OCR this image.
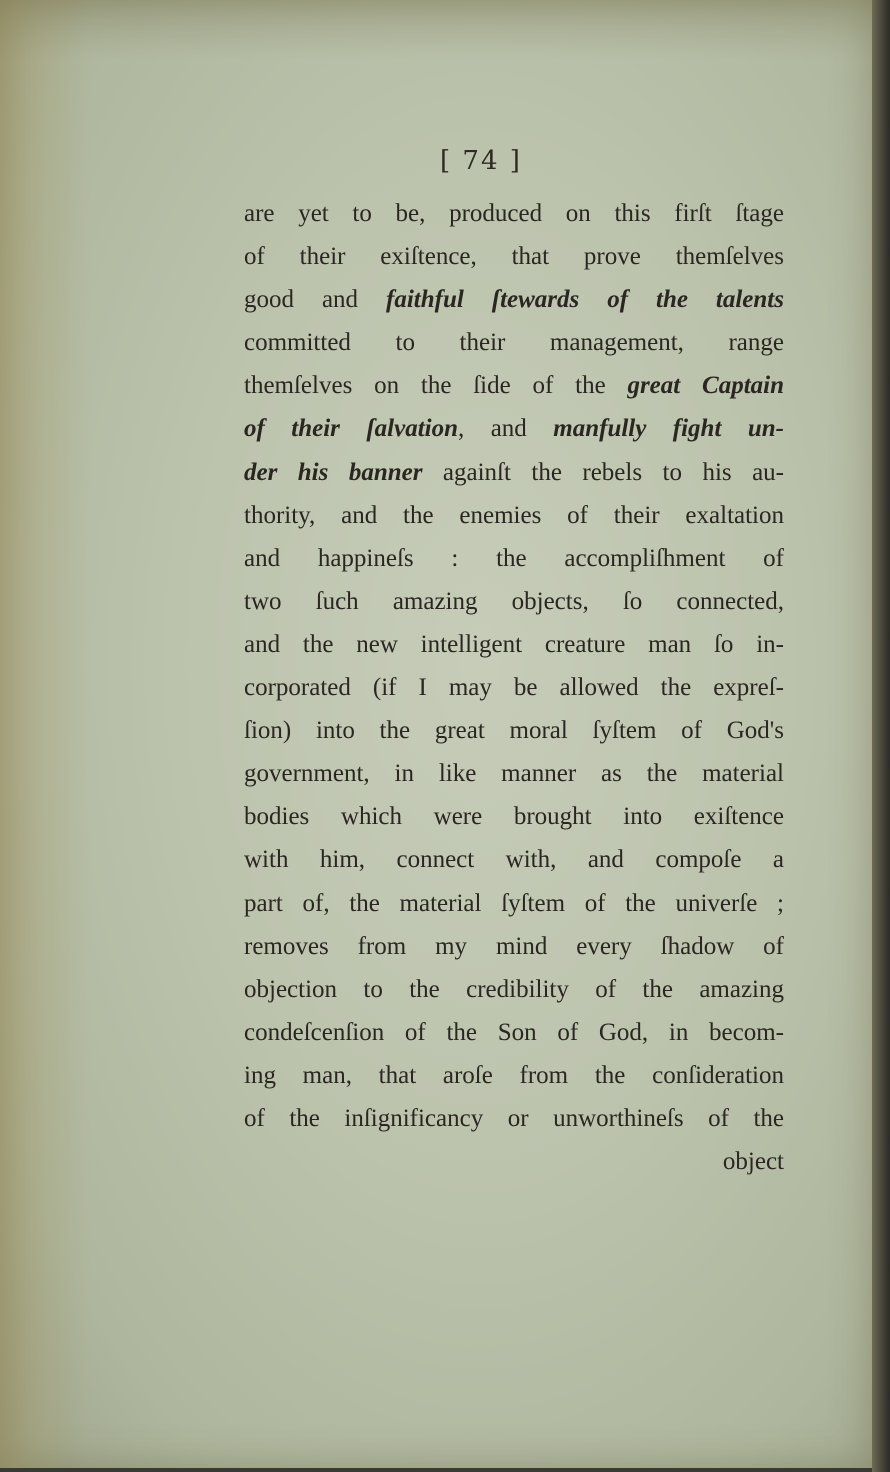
[ 74 ]
are yet to be, produced on this firſt ſtage
of their exiſtence, that prove themſelves
good and faithful ſtewards of the talents
committed to their management, range
themſelves on the ſide of the great Captain
of their ſalvation, and manfully fight un-
der his banner againſt the rebels to his au-
thority, and the enemies of their exaltation
and happineſs : the accompliſhment of
two ſuch amazing objects, ſo connected,
and the new intelligent creature man ſo in-
corporated (if I may be allowed the expreſ-
ſion) into the great moral ſyſtem of God's
government, in like manner as the material
bodies which were brought into exiſtence
with him, connect with, and compoſe a
part of, the material ſyſtem of the univerſe ;
removes from my mind every ſhadow of
objection to the credibility of the amazing
condeſcenſion of the Son of God, in becom-
ing man, that aroſe from the conſideration
of the inſignificancy or unworthineſs of the
object
